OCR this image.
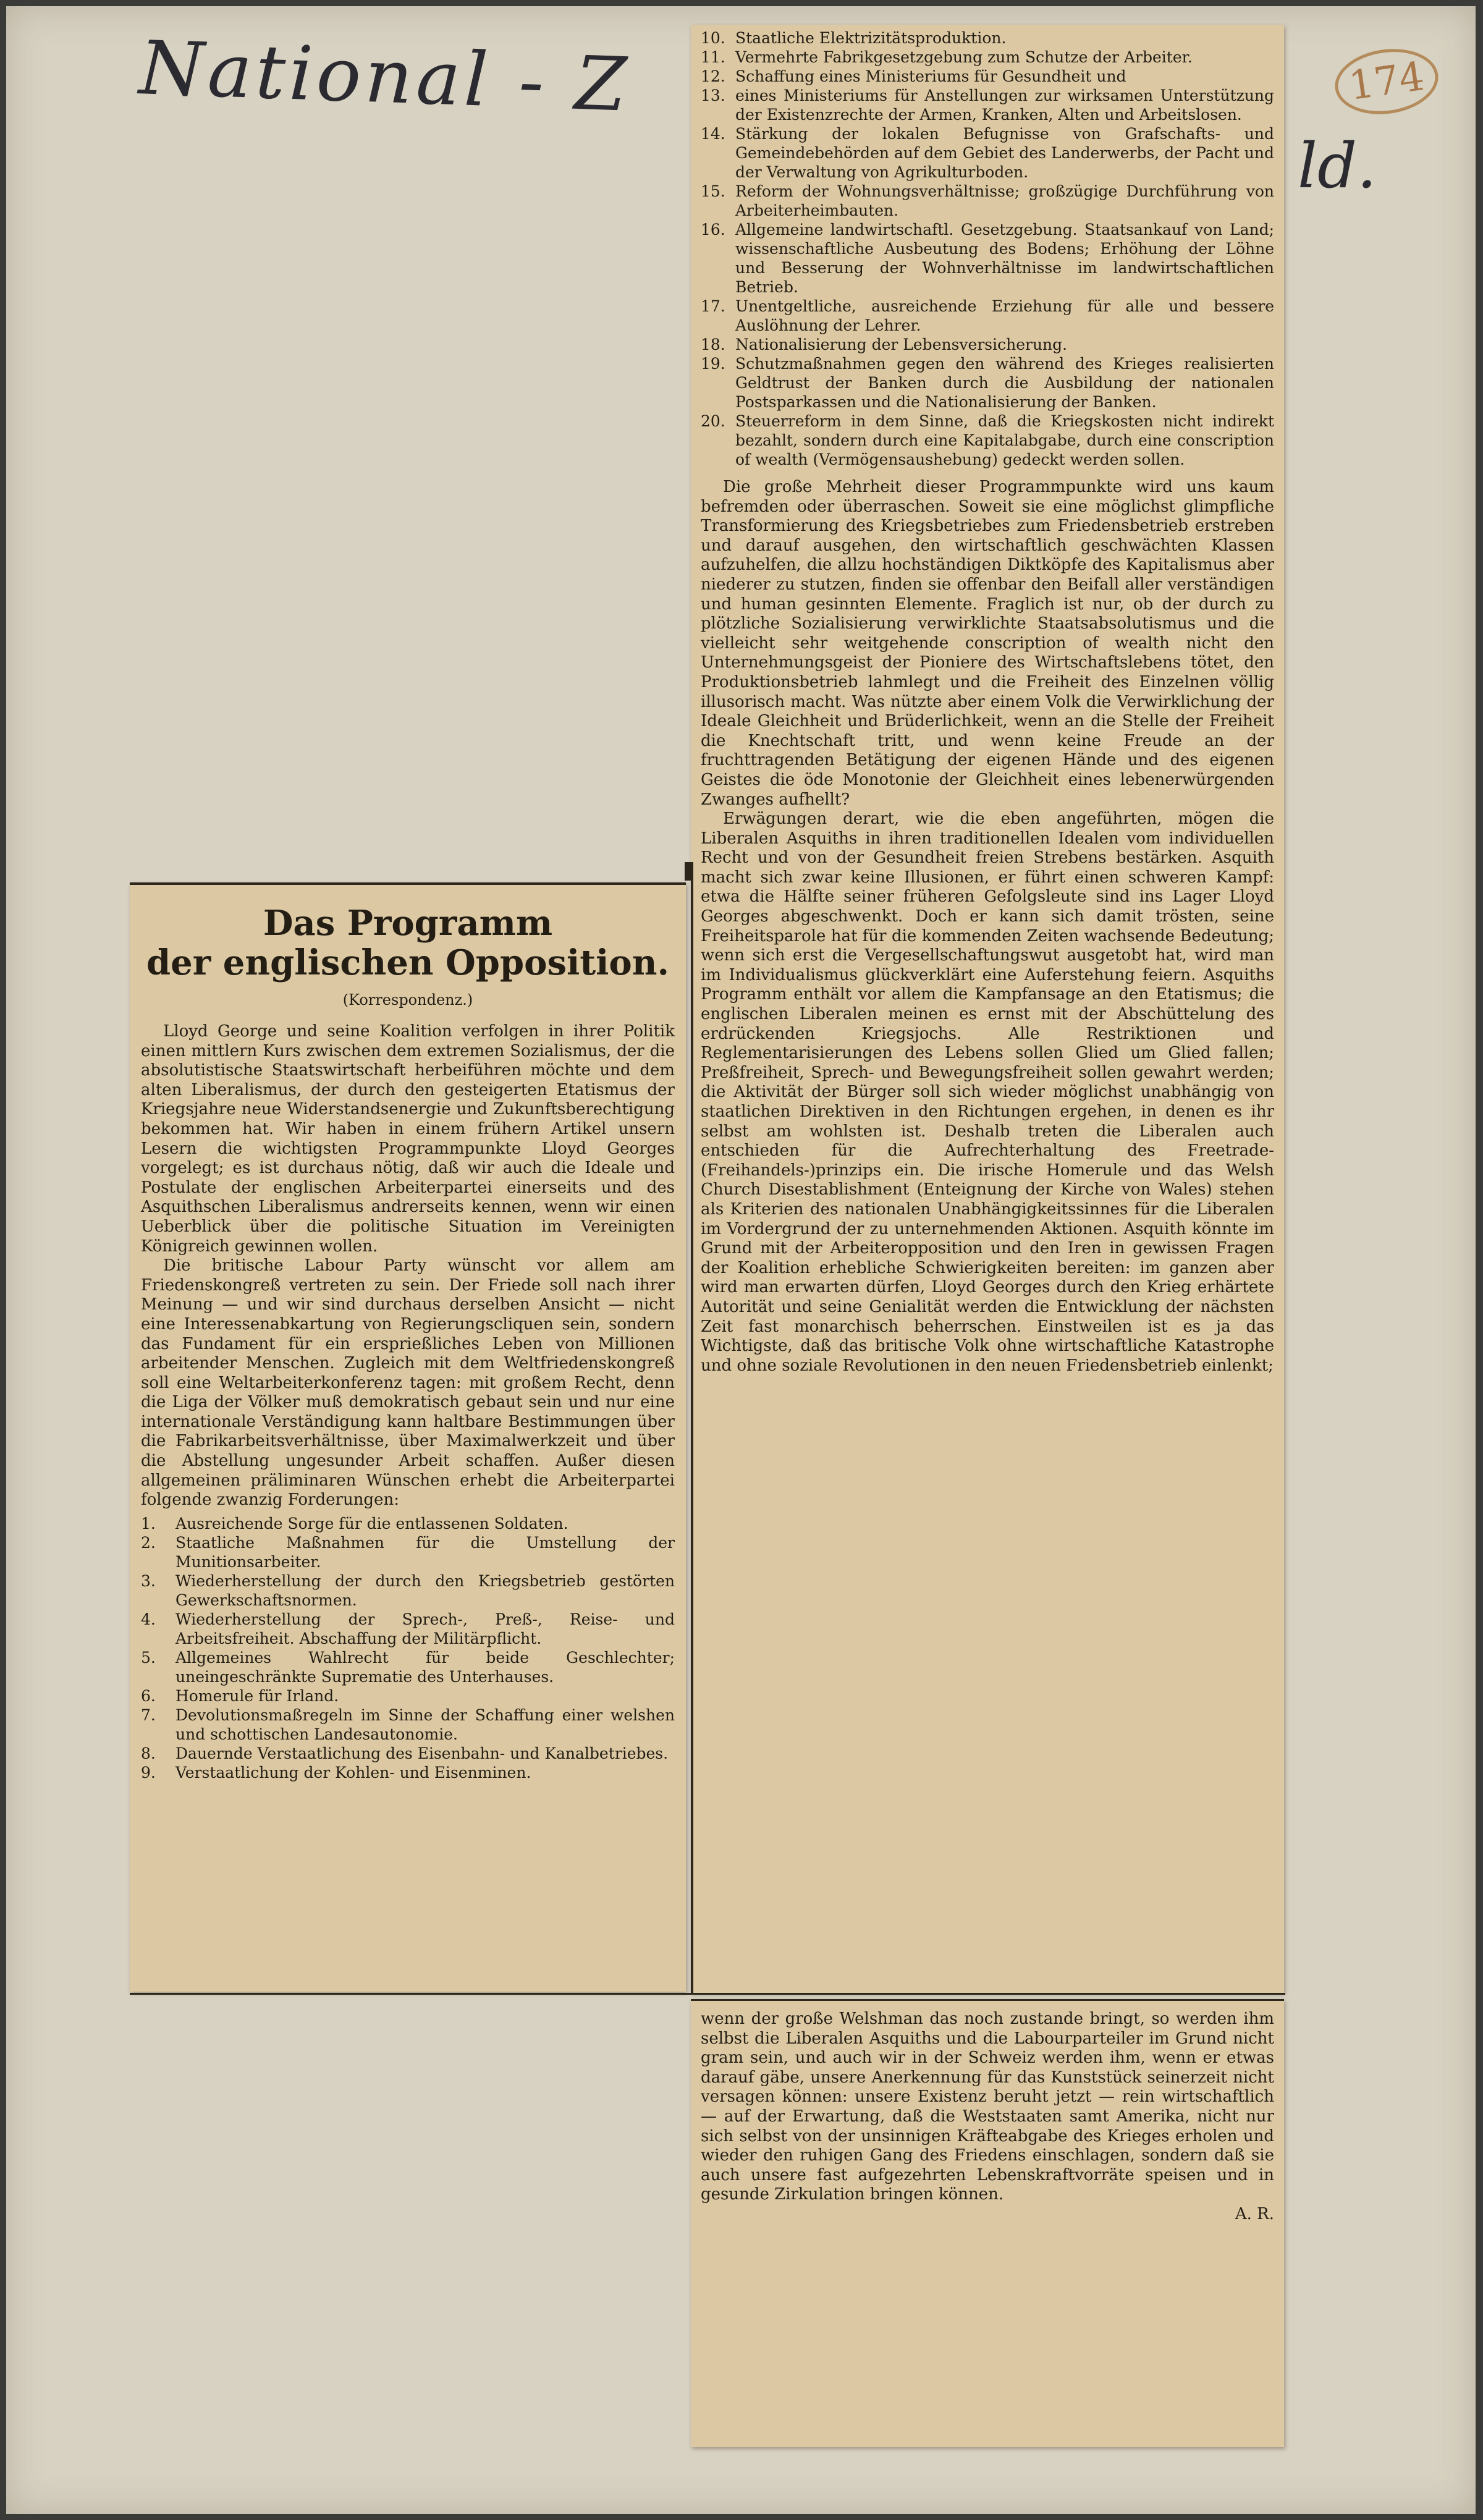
National - Z
ld.
174
10. Staatliche Elektrizitätsproduktion.
11. Vermehrte Fabrikgesetzgebung zum Schutze der Arbeiter.
12. Schaffung eines Ministeriums für Gesundheit und
13. eines Ministeriums für Anstellungen zur wirksamen Unterstützung der Existenzrechte der Armen, Kranken, Alten und Arbeitslosen.
14. Stärkung der lokalen Befugnisse von Grafschafts- und Gemeindebehörden auf dem Gebiet des Landerwerbs, der Pacht und der Verwaltung von Agrikulturboden.
15. Reform der Wohnungsverhältnisse; großzügige Durchführung von Arbeiterheimbauten.
16. Allgemeine landwirtschaftl. Gesetzgebung. Staatsankauf von Land; wissenschaftliche Ausbeutung des Bodens; Erhöhung der Löhne und Besserung der Wohnverhältnisse im landwirtschaftlichen Betrieb.
17. Unentgeltliche, ausreichende Erziehung für alle und bessere Auslöhnung der Lehrer.
18. Nationalisierung der Lebensversicherung.
19. Schutzmaßnahmen gegen den während des Krieges realisierten Geldtrust der Banken durch die Ausbildung der nationalen Postsparkassen und die Nationalisierung der Banken.
20. Steuerreform in dem Sinne, daß die Kriegskosten nicht indirekt bezahlt, sondern durch eine Kapitalabgabe, durch eine conscription of wealth (Vermögensaushebung) gedeckt werden sollen.

Die große Mehrheit dieser Programmpunkte wird uns kaum befremden oder überraschen. Soweit sie eine möglichst glimpfliche Transformierung des Kriegsbetriebes zum Friedensbetrieb erstreben und darauf ausgehen, den wirtschaftlich geschwächten Klassen aufzuhelfen, die allzu hochständigen Diktköpfe des Kapitalismus aber niederer zu stutzen, finden sie offenbar den Beifall aller verständigen und human gesinnten Elemente. Fraglich ist nur, ob der durch zu plötzliche Sozialisierung verwirklichte Staatsabsolutismus und die vielleicht sehr weitgehende conscription of wealth nicht den Unternehmungsgeist der Pioniere des Wirtschaftslebens tötet, den Produktionsbetrieb lahmlegt und die Freiheit des Einzelnen völlig illusorisch macht. Was nützte aber einem Volk die Verwirklichung der Ideale Gleichheit und Brüderlichkeit, wenn an die Stelle der Freiheit die Knechtschaft tritt, und wenn keine Freude an der fruchttragenden Betätigung der eigenen Hände und des eigenen Geistes die öde Monotonie der Gleichheit eines lebenerwürgenden Zwanges aufhellt?

Erwägungen derart, wie die eben angeführten, mögen die Liberalen Asquiths in ihren traditionellen Idealen vom individuellen Recht und von der Gesundheit freien Strebens bestärken. Asquith macht sich zwar keine Illusionen, er führt einen schweren Kampf: etwa die Hälfte seiner früheren Gefolgsleute sind ins Lager Lloyd Georges abgeschwenkt. Doch er kann sich damit trösten, seine Freiheitsparole hat für die kommenden Zeiten wachsende Bedeutung; wenn sich erst die Vergesellschaftungswut ausgetobt hat, wird man im Individualismus glückverklärt eine Auferstehung feiern. Asquiths Programm enthält vor allem die Kampfansage an den Etatismus; die englischen Liberalen meinen es ernst mit der Abschüttelung des erdrückenden Kriegsjochs. Alle Restriktionen und Reglementarisierungen des Lebens sollen Glied um Glied fallen; Preßfreiheit, Sprech- und Bewegungsfreiheit sollen gewahrt werden; die Aktivität der Bürger soll sich wieder möglichst unabhängig von staatlichen Direktiven in den Richtungen ergehen, in denen es ihr selbst am wohlsten ist. Deshalb treten die Liberalen auch entschieden für die Aufrechterhaltung des Freetrade-(Freihandels-)prinzips ein. Die irische Homerule und das Welsh Church Disestablishment (Enteignung der Kirche von Wales) stehen als Kriterien des nationalen Unabhängigkeitssinnes für die Liberalen im Vordergrund der zu unternehmenden Aktionen. Asquith könnte im Grund mit der Arbeiteropposition und den Iren in gewissen Fragen der Koalition erhebliche Schwierigkeiten bereiten: im ganzen aber wird man erwarten dürfen, Lloyd Georges durch den Krieg erhärtete Autorität und seine Genialität werden die Entwicklung der nächsten Zeit fast monarchisch beherrschen. Einstweilen ist es ja das Wichtigste, daß das britische Volk ohne wirtschaftliche Katastrophe und ohne soziale Revolutionen in den neuen Friedensbetrieb einlenkt;

Das Programm
der englischen Opposition.
(Korrespondenz.)

Lloyd George und seine Koalition verfolgen in ihrer Politik einen mittlern Kurs zwischen dem extremen Sozialismus, der die absolutistische Staatswirtschaft herbeiführen möchte und dem alten Liberalismus, der durch den gesteigerten Etatismus der Kriegsjahre neue Widerstandsenergie und Zukunftsberechtigung bekommen hat. Wir haben in einem frühern Artikel unsern Lesern die wichtigsten Programmpunkte Lloyd Georges vorgelegt; es ist durchaus nötig, daß wir auch die Ideale und Postulate der englischen Arbeiterpartei einerseits und des Asquithschen Liberalismus andrerseits kennen, wenn wir einen Ueberblick über die politische Situation im Vereinigten Königreich gewinnen wollen.

Die britische Labour Party wünscht vor allem am Friedenskongreß vertreten zu sein. Der Friede soll nach ihrer Meinung — und wir sind durchaus derselben Ansicht — nicht eine Interessenabkartung von Regierungscliquen sein, sondern das Fundament für ein ersprießliches Leben von Millionen arbeitender Menschen. Zugleich mit dem Weltfriedenskongreß soll eine Weltarbeiterkonferenz tagen: mit großem Recht, denn die Liga der Völker muß demokratisch gebaut sein und nur eine internationale Verständigung kann haltbare Bestimmungen über die Fabrikarbeitsverhältnisse, über Maximalwerkzeit und über die Abstellung ungesunder Arbeit schaffen. Außer diesen allgemeinen präliminaren Wünschen erhebt die Arbeiterpartei folgende zwanzig Forderungen:

1.	Ausreichende Sorge für die entlassenen Soldaten.
2.	Staatliche Maßnahmen für die Umstellung der Munitionsarbeiter.
3.	Wiederherstellung der durch den Kriegsbetrieb gestörten Gewerkschaftsnormen.
4.	Wiederherstellung der Sprech-, Preß-, Reise- und Arbeitsfreiheit. Abschaffung der Militärpflicht.
5.	Allgemeines Wahlrecht für beide Geschlechter; uneingeschränkte Suprematie des Unterhauses.
6.	Homerule für Irland.
7.	Devolutionsmaßregeln im Sinne der Schaffung einer welshen und schottischen Landesautonomie.
8.	Dauernde Verstaatlichung des Eisenbahn- und Kanalbetriebes.
9.	Verstaatlichung der Kohlen- und Eisenminen.

wenn der große Welshman das noch zustande bringt, so werden ihm selbst die Liberalen Asquiths und die Labourparteiler im Grund nicht gram sein, und auch wir in der Schweiz werden ihm, wenn er etwas darauf gäbe, unsere Anerkennung für das Kunststück seinerzeit nicht versagen können: unsere Existenz beruht jetzt — rein wirtschaftlich — auf der Erwartung, daß die Weststaaten samt Amerika, nicht nur sich selbst von der unsinnigen Kräfteabgabe des Krieges erholen und wieder den ruhigen Gang des Friedens einschlagen, sondern daß sie auch unsere fast aufgezehrten Lebenskraftvorräte speisen und in gesunde Zirkulation bringen können.

A. R.
